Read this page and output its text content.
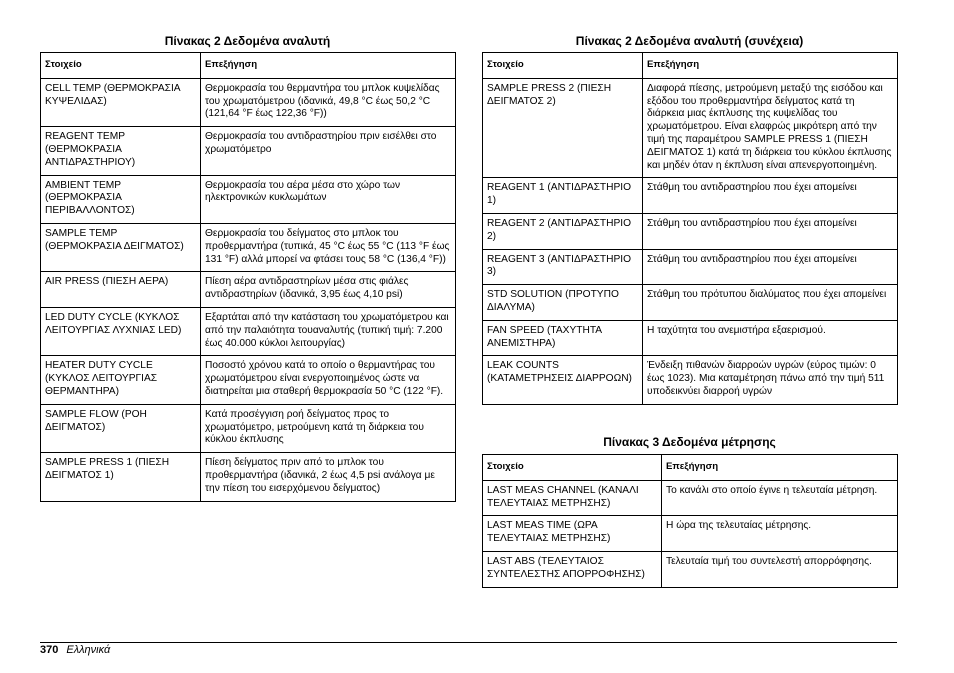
Πίνακας 2 Δεδομένα αναλυτή
Στοιχείο	Επεξήγηση
CELL TEMP (ΘΕΡΜΟΚΡΑΣΙΑ ΚΥΨΕΛΙΔΑΣ)	Θερμοκρασία του θερμαντήρα του μπλοκ κυψελίδας του χρωματόμετρου (ιδανικά, 49,8 °C έως 50,2 °C (121,64 °F έως 122,36 °F))
REAGENT TEMP (ΘΕΡΜΟΚΡΑΣΙΑ ΑΝΤΙΔΡΑΣΤΗΡΙΟΥ)	Θερμοκρασία του αντιδραστηρίου πριν εισέλθει στο χρωματόμετρο
AMBIENT TEMP (ΘΕΡΜΟΚΡΑΣΙΑ ΠΕΡΙΒΑΛΛΟΝΤΟΣ)	Θερμοκρασία του αέρα μέσα στο χώρο των ηλεκτρονικών κυκλωμάτων
SAMPLE TEMP (ΘΕΡΜΟΚΡΑΣΙΑ ΔΕΙΓΜΑΤΟΣ)	Θερμοκρασία του δείγματος στο μπλοκ του προθερμαντήρα (τυπικά, 45 °C έως 55 °C (113 °F έως 131 °F) αλλά μπορεί να φτάσει τους 58 °C (136,4 °F))
AIR PRESS (ΠΙΕΣΗ ΑΕΡΑ)	Πίεση αέρα αντιδραστηρίων μέσα στις φιάλες αντιδραστηρίων (ιδανικά, 3,95 έως 4,10 psi)
LED DUTY CYCLE (ΚΥΚΛΟΣ ΛΕΙΤΟΥΡΓΙΑΣ ΛΥΧΝΙΑΣ LED)	Εξαρτάται από την κατάσταση του χρωματόμετρου και από την παλαιότητα τουαναλυτής (τυπική τιμή: 7.200 έως 40.000 κύκλοι λειτουργίας)
HEATER DUTY CYCLE (ΚΥΚΛΟΣ ΛΕΙΤΟΥΡΓΙΑΣ ΘΕΡΜΑΝΤΗΡΑ)	Ποσοστό χρόνου κατά το οποίο ο θερμαντήρας του χρωματόμετρου είναι ενεργοποιημένος ώστε να διατηρείται μια σταθερή θερμοκρασία 50 °C (122 °F).
SAMPLE FLOW (ΡΟΗ ΔΕΙΓΜΑΤΟΣ)	Κατά προσέγγιση ροή δείγματος προς το χρωματόμετρο, μετρούμενη κατά τη διάρκεια του κύκλου έκπλυσης
SAMPLE PRESS 1 (ΠΙΕΣΗ ΔΕΙΓΜΑΤΟΣ 1)	Πίεση δείγματος πριν από το μπλοκ του προθερμαντήρα (ιδανικά, 2 έως 4,5 psi ανάλογα με την πίεση του εισερχόμενου δείγματος)
Πίνακας 2 Δεδομένα αναλυτή (συνέχεια)
Στοιχείο	Επεξήγηση
SAMPLE PRESS 2 (ΠΙΕΣΗ ΔΕΙΓΜΑΤΟΣ 2)	Διαφορά πίεσης, μετρούμενη μεταξύ της εισόδου και εξόδου του προθερμαντήρα δείγματος κατά τη διάρκεια μιας έκπλυσης της κυψελίδας του χρωματόμετρου. Είναι ελαφρώς μικρότερη από την τιμή της παραμέτρου SAMPLE PRESS 1 (ΠΙΕΣΗ ΔΕΙΓΜΑΤΟΣ 1) κατά τη διάρκεια του κύκλου έκπλυσης και μηδέν όταν η έκπλυση είναι απενεργοποιημένη.
REAGENT 1 (ΑΝΤΙΔΡΑΣΤΗΡΙΟ 1)	Στάθμη του αντιδραστηρίου που έχει απομείνει
REAGENT 2 (ΑΝΤΙΔΡΑΣΤΗΡΙΟ 2)	Στάθμη του αντιδραστηρίου που έχει απομείνει
REAGENT 3 (ΑΝΤΙΔΡΑΣΤΗΡΙΟ 3)	Στάθμη του αντιδραστηρίου που έχει απομείνει
STD SOLUTION (ΠΡΟΤΥΠΟ ΔΙΑΛΥΜΑ)	Στάθμη του πρότυπου διαλύματος που έχει απομείνει
FAN SPEED (ΤΑΧΥΤΗΤΑ ΑΝΕΜΙΣΤΗΡΑ)	Η ταχύτητα του ανεμιστήρα εξαερισμού.
LEAK COUNTS (ΚΑΤΑΜΕΤΡΗΣΕΙΣ ΔΙΑΡΡΟΩΝ)	Ένδειξη πιθανών διαρροών υγρών (εύρος τιμών: 0 έως 1023). Μια καταμέτρηση πάνω από την τιμή 511 υποδεικνύει διαρροή υγρών
Πίνακας 3 Δεδομένα μέτρησης
Στοιχείο	Επεξήγηση
LAST MEAS CHANNEL (ΚΑΝΑΛΙ ΤΕΛΕΥΤΑΙΑΣ ΜΕΤΡΗΣΗΣ)	Το κανάλι στο οποίο έγινε η τελευταία μέτρηση.
LAST MEAS TIME (ΩΡΑ ΤΕΛΕΥΤΑΙΑΣ ΜΕΤΡΗΣΗΣ)	Η ώρα της τελευταίας μέτρησης.
LAST ABS (ΤΕΛΕΥΤΑΙΟΣ ΣΥΝΤΕΛΕΣΤΗΣ ΑΠΟΡΡΟΦΗΣΗΣ)	Τελευταία τιμή του συντελεστή απορρόφησης.
370 Ελληνικά
